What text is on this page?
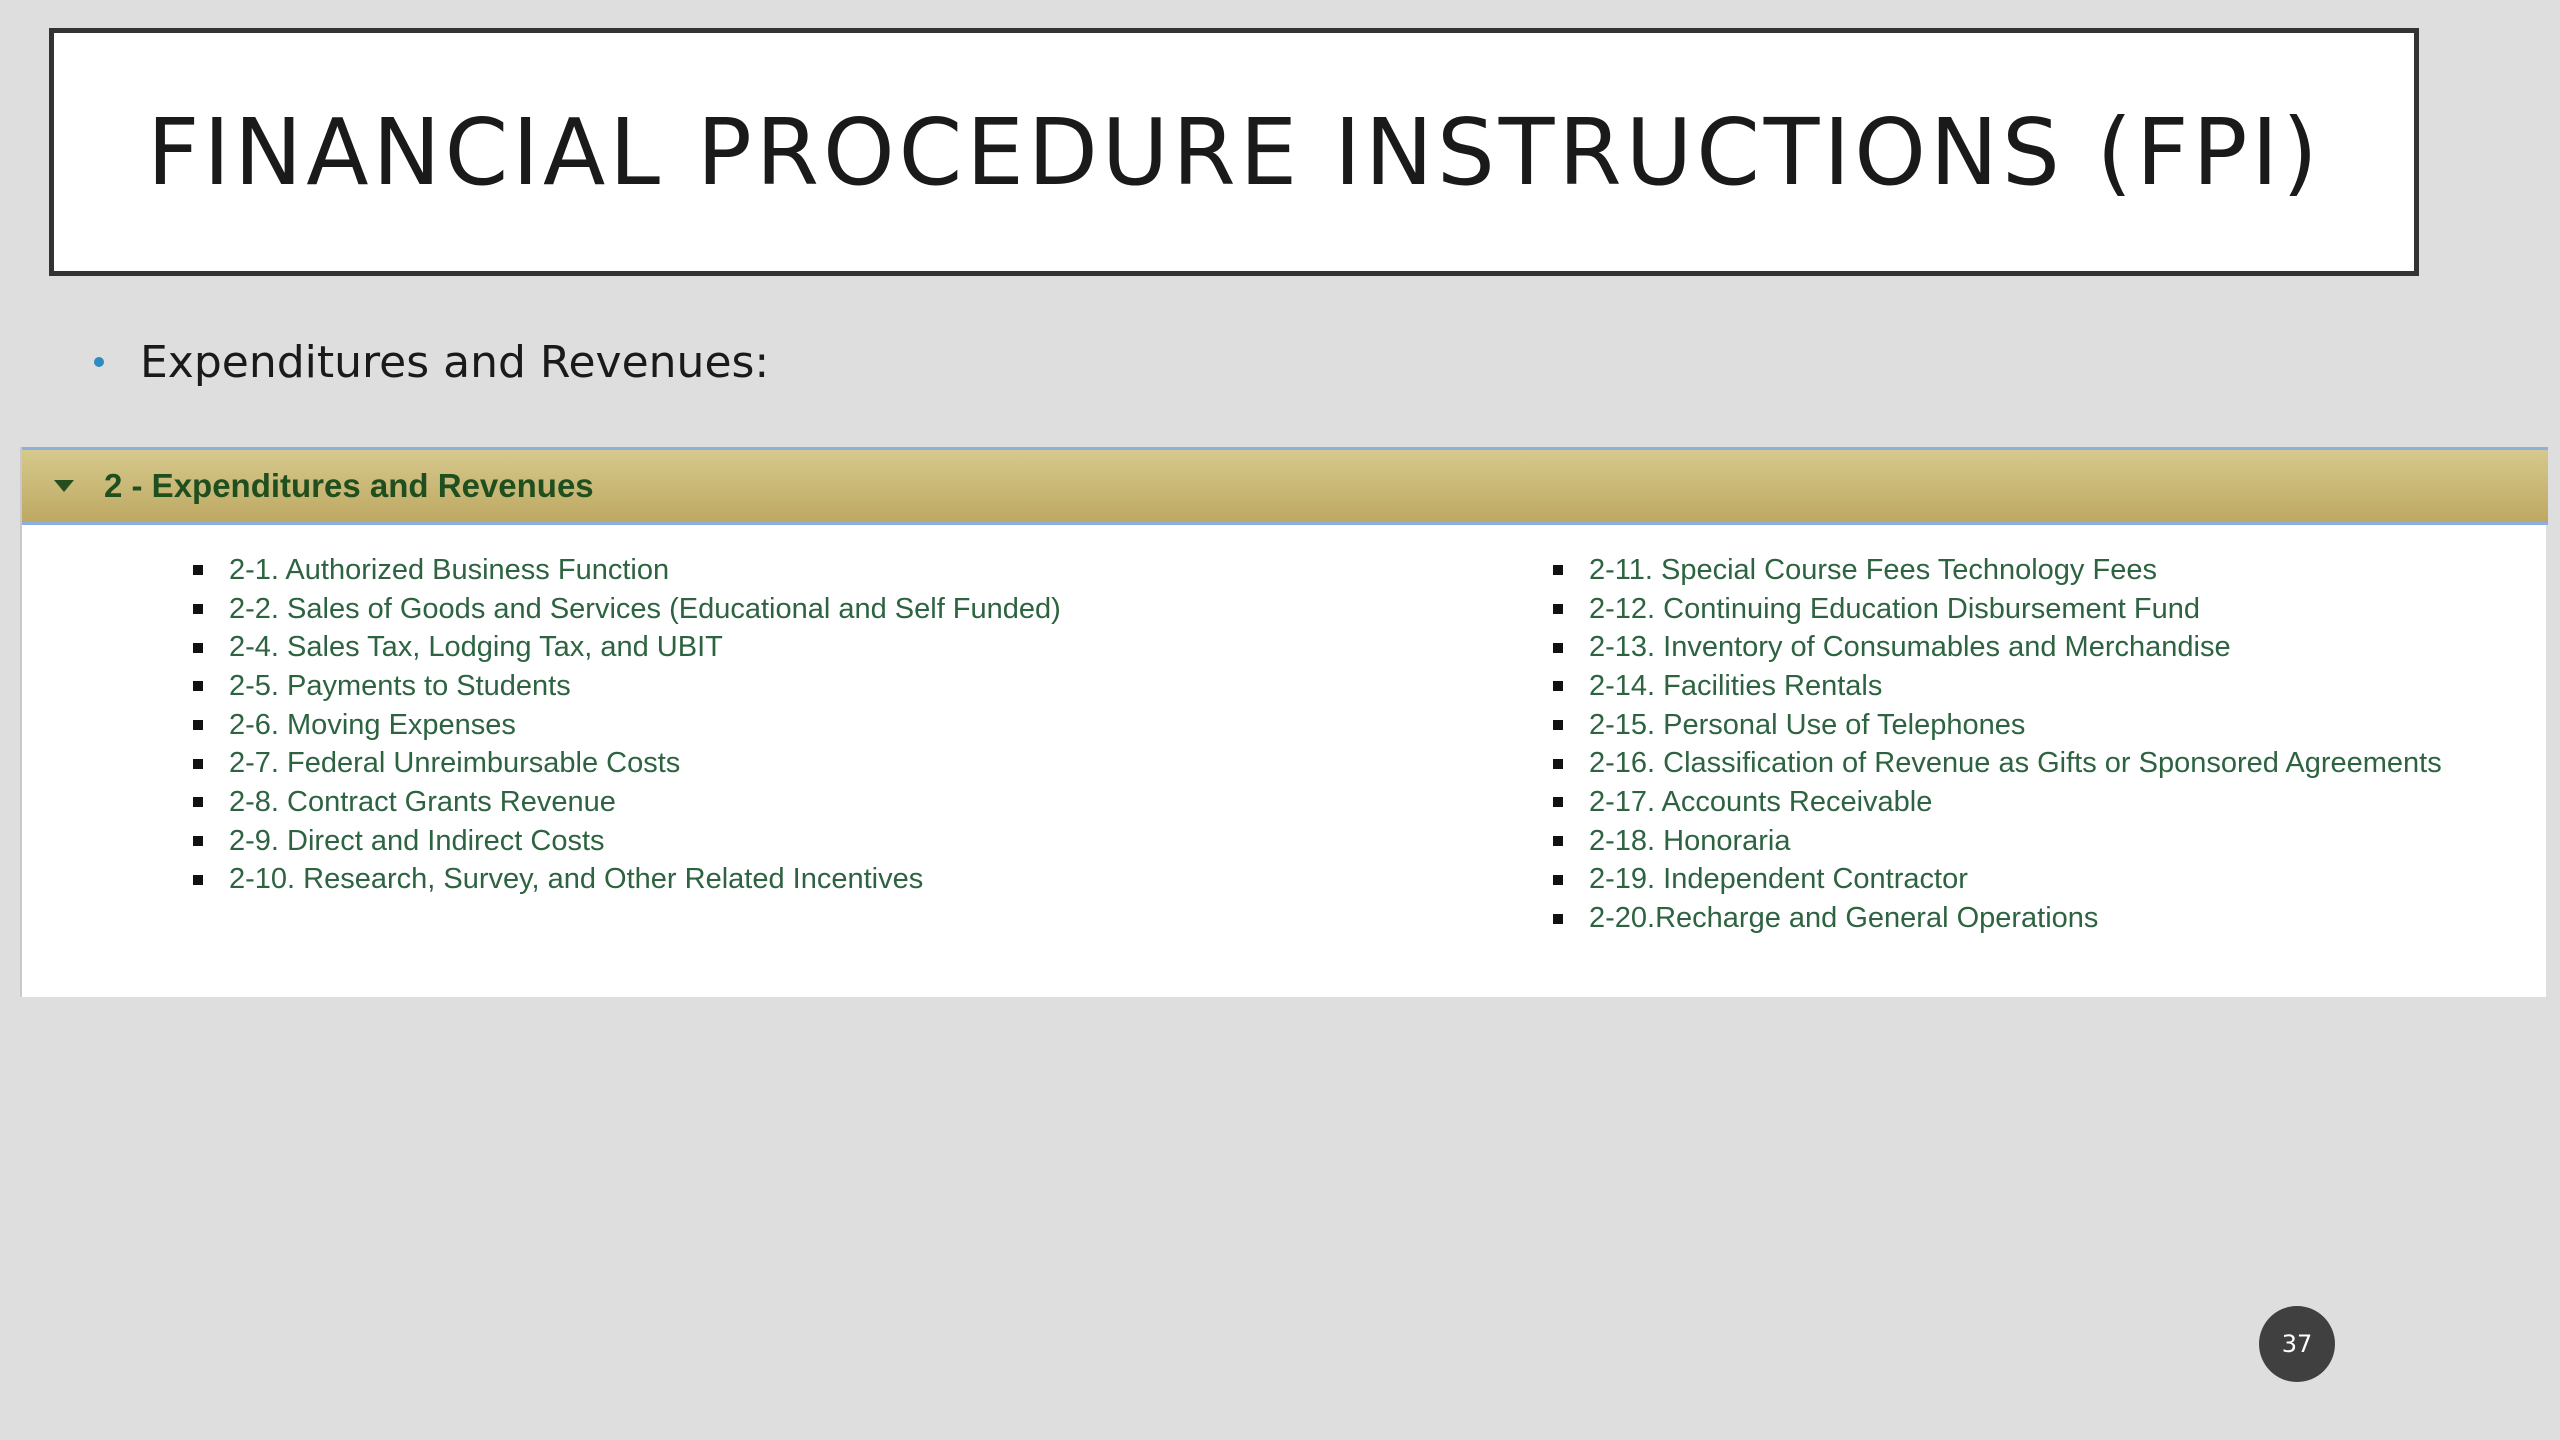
FINANCIAL PROCEDURE INSTRUCTIONS (FPI)
Expenditures and Revenues:
2 - Expenditures and Revenues
2-1. Authorized Business Function
2-2. Sales of Goods and Services (Educational and Self Funded)
2-4. Sales Tax, Lodging Tax, and UBIT
2-5. Payments to Students
2-6. Moving Expenses
2-7. Federal Unreimbursable Costs
2-8. Contract Grants Revenue
2-9. Direct and Indirect Costs
2-10. Research, Survey, and Other Related Incentives
2-11. Special Course Fees Technology Fees
2-12. Continuing Education Disbursement Fund
2-13. Inventory of Consumables and Merchandise
2-14. Facilities Rentals
2-15. Personal Use of Telephones
2-16. Classification of Revenue as Gifts or Sponsored Agreements
2-17. Accounts Receivable
2-18. Honoraria
2-19. Independent Contractor
2-20.Recharge and General Operations
37
